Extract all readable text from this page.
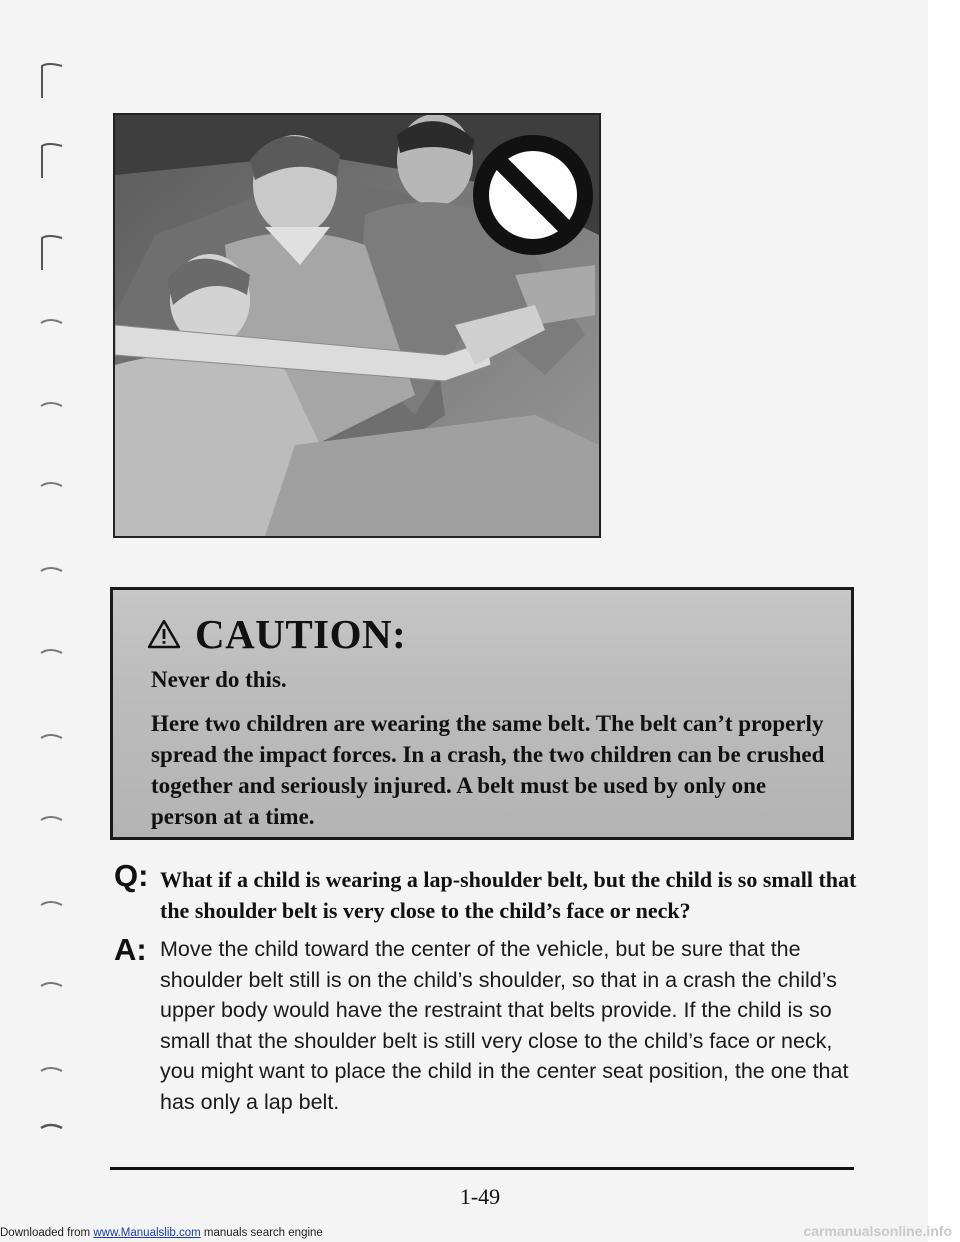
CAUTION:
Never do this.
Here two children are wearing the same belt. The belt can’t properly spread the impact forces. In a crash, the two children can be crushed together and seriously injured. A belt must be used by only one person at a time.
Q: What if a child is wearing a lap-shoulder belt, but the child is so small that the shoulder belt is very close to the child’s face or neck?
A: Move the child toward the center of the vehicle, but be sure that the shoulder belt still is on the child’s shoulder, so that in a crash the child’s upper body would have the restraint that belts provide. If the child is so small that the shoulder belt is still very close to the child’s face or neck, you might want to place the child in the center seat position, the one that has only a lap belt.
1-49
Downloaded from www.Manualslib.com manuals search engine	carmanualsonline.info
